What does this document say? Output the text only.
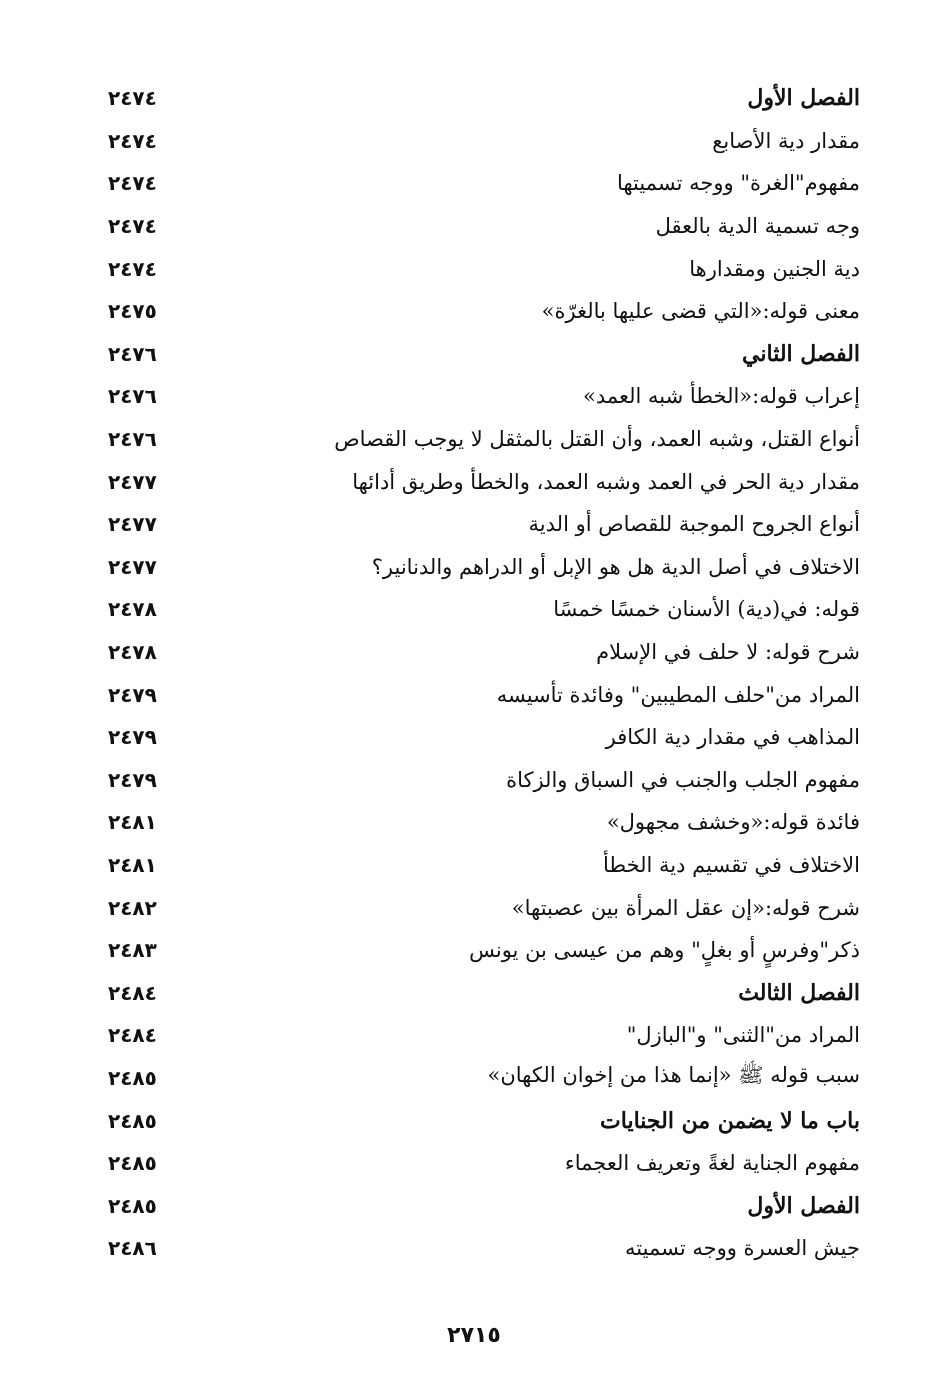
٢٤٧٤	الفصل الأول
٢٤٧٤	مقدار دية الأصابع
٢٤٧٤	مفهوم"الغرة" ووجه تسميتها
٢٤٧٤	وجه تسمية الدية بالعقل
٢٤٧٤	دية الجنين ومقدارها
٢٤٧٥	معنى قوله:«التي قضى عليها بالغرّة»
٢٤٧٦	الفصل الثاني
٢٤٧٦	إعراب قوله:«الخطأ شبه العمد»
٢٤٧٦	أنواع القتل، وشبه العمد، وأن القتل بالمثقل لا يوجب القصاص
٢٤٧٧	مقدار دية الحر في العمد وشبه العمد، والخطأ وطريق أدائها
٢٤٧٧	أنواع الجروح الموجبة للقصاص أو الدية
٢٤٧٧	الاختلاف في أصل الدية هل هو الإبل أو الدراهم والدنانير؟
٢٤٧٨	قوله: في(دية) الأسنان خمسًا خمسًا
٢٤٧٨	شرح قوله: لا حلف في الإسلام
٢٤٧٩	المراد من"حلف المطيبين" وفائدة تأسيسه
٢٤٧٩	المذاهب في مقدار دية الكافر
٢٤٧٩	مفهوم الجلب والجنب في السباق والزكاة
٢٤٨١	فائدة قوله:«وخشف مجهول»
٢٤٨١	الاختلاف في تقسيم دية الخطأ
٢٤٨٢	شرح قوله:«إن عقل المرأة بين عصبتها»
٢٤٨٣	ذكر"وفرسٍ أو بغلٍ" وهم من عيسى بن يونس
٢٤٨٤	الفصل الثالث
٢٤٨٤	المراد من"الثنى" و"البازل"
٢٤٨٥	سبب قوله ﷺ «إنما هذا من إخوان الكهان»
٢٤٨٥	باب ما لا يضمن من الجنايات
٢٤٨٥	مفهوم الجناية لغةً وتعريف العجماء
٢٤٨٥	الفصل الأول
٢٤٨٦	جيش العسرة ووجه تسميته
٢٧١٥
